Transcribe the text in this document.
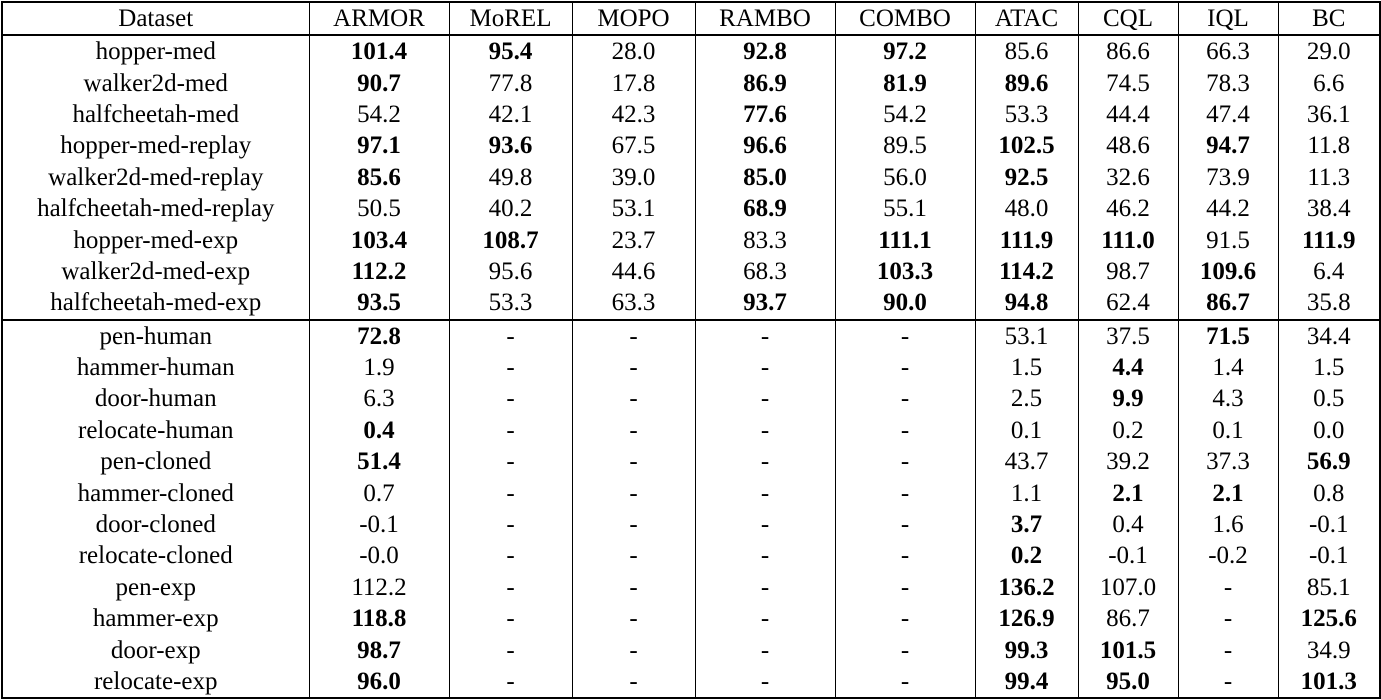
Dataset	ARMOR	MoREL	MOPO	RAMBO	COMBO	ATAC	CQL	IQL	BC
hopper-med	101.4	95.4	28.0	92.8	97.2	85.6	86.6	66.3	29.0
walker2d-med	90.7	77.8	17.8	86.9	81.9	89.6	74.5	78.3	6.6
halfcheetah-med	54.2	42.1	42.3	77.6	54.2	53.3	44.4	47.4	36.1
hopper-med-replay	97.1	93.6	67.5	96.6	89.5	102.5	48.6	94.7	11.8
walker2d-med-replay	85.6	49.8	39.0	85.0	56.0	92.5	32.6	73.9	11.3
halfcheetah-med-replay	50.5	40.2	53.1	68.9	55.1	48.0	46.2	44.2	38.4
hopper-med-exp	103.4	108.7	23.7	83.3	111.1	111.9	111.0	91.5	111.9
walker2d-med-exp	112.2	95.6	44.6	68.3	103.3	114.2	98.7	109.6	6.4
halfcheetah-med-exp	93.5	53.3	63.3	93.7	90.0	94.8	62.4	86.7	35.8
pen-human	72.8	-	-	-	-	53.1	37.5	71.5	34.4
hammer-human	1.9	-	-	-	-	1.5	4.4	1.4	1.5
door-human	6.3	-	-	-	-	2.5	9.9	4.3	0.5
relocate-human	0.4	-	-	-	-	0.1	0.2	0.1	0.0
pen-cloned	51.4	-	-	-	-	43.7	39.2	37.3	56.9
hammer-cloned	0.7	-	-	-	-	1.1	2.1	2.1	0.8
door-cloned	-0.1	-	-	-	-	3.7	0.4	1.6	-0.1
relocate-cloned	-0.0	-	-	-	-	0.2	-0.1	-0.2	-0.1
pen-exp	112.2	-	-	-	-	136.2	107.0	-	85.1
hammer-exp	118.8	-	-	-	-	126.9	86.7	-	125.6
door-exp	98.7	-	-	-	-	99.3	101.5	-	34.9
relocate-exp	96.0	-	-	-	-	99.4	95.0	-	101.3
